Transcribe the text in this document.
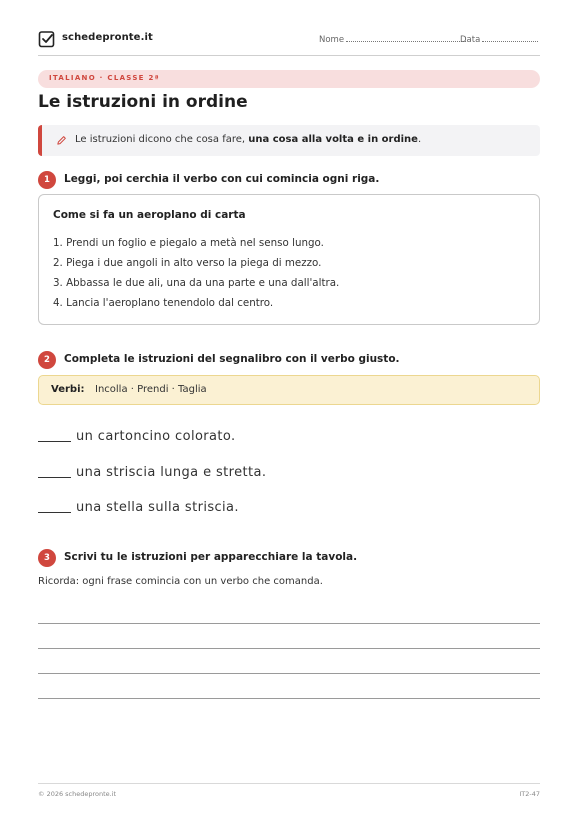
schedepronte.it	Nome	Data
ITALIANO · CLASSE 2ª
Le istruzioni in ordine
Le istruzioni dicono che cosa fare, una cosa alla volta e in ordine.
1	Leggi, poi cerchia il verbo con cui comincia ogni riga.
Come si fa un aeroplano di carta
1. Prendi un foglio e piegalo a metà nel senso lungo.
2. Piega i due angoli in alto verso la piega di mezzo.
3. Abbassa le due ali, una da una parte e una dall'altra.
4. Lancia l'aeroplano tenendolo dal centro.
2	Completa le istruzioni del segnalibro con il verbo giusto.
Verbi: Incolla · Prendi · Taglia
un cartoncino colorato.
una striscia lunga e stretta.
una stella sulla striscia.
3	Scrivi tu le istruzioni per apparecchiare la tavola.
Ricorda: ogni frase comincia con un verbo che comanda.
© 2026 schedepronte.it	IT2-47
